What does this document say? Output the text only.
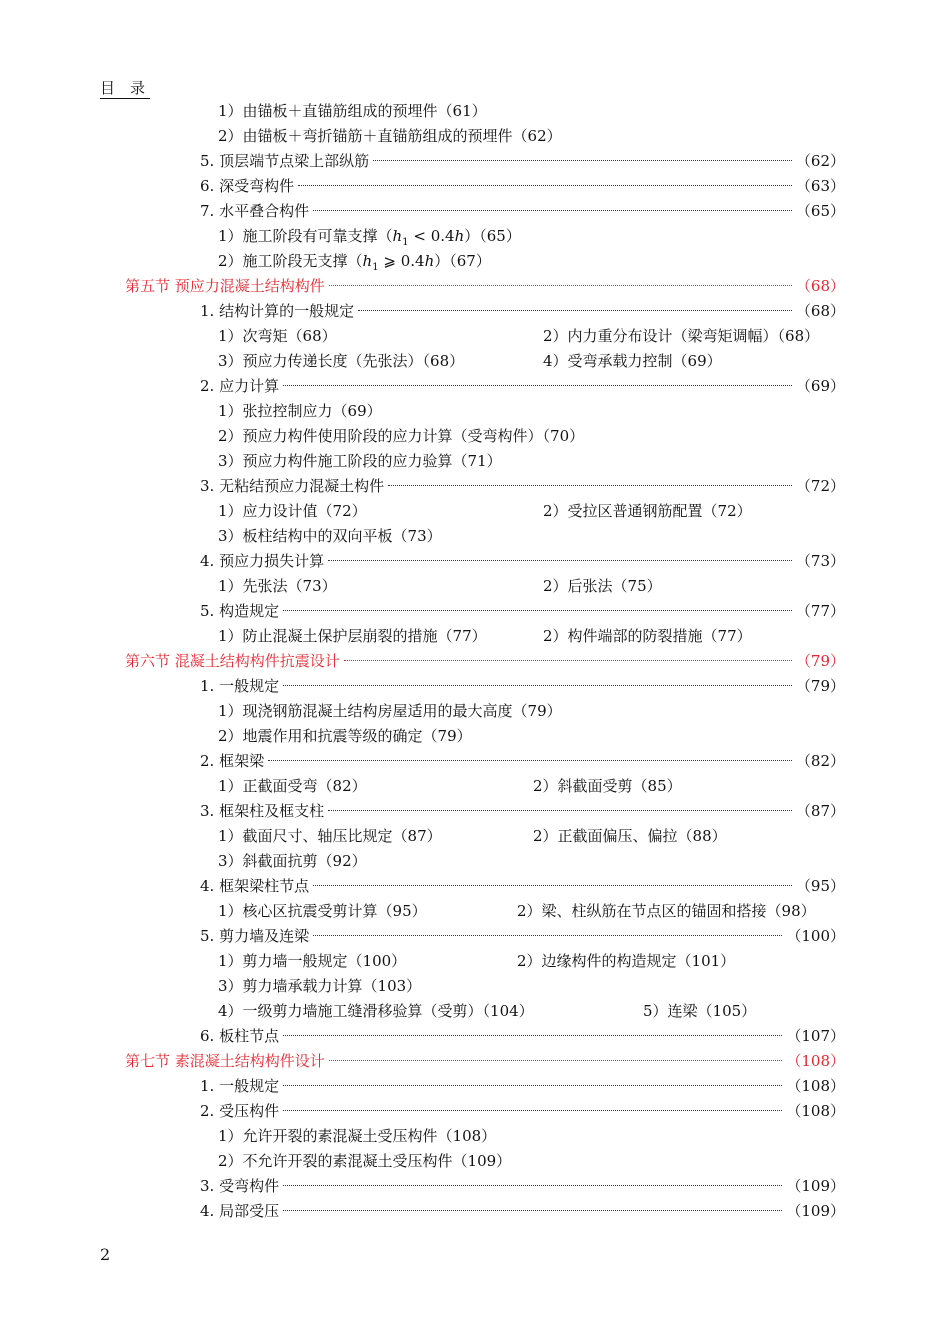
目　录
1）由锚板＋直锚筋组成的预埋件（61）
2）由锚板＋弯折锚筋＋直锚筋组成的预埋件（62）
5. 顶层端节点梁上部纵筋	（62）
6. 深受弯构件	（63）
7. 水平叠合构件	（65）
1）施工阶段有可靠支撑$(h_1 < 0.4h)(65)$
2）施工阶段无支撑（$h_1$ ⩾ 0.4h）（67）
第五节 预应力混凝土结构构件	（68）
1. 结构计算的一般规定	（68）
1）次弯矩（68）	2）内力重分布设计（梁弯矩调幅）（68）
3）预应力传递长度（先张法）（68）	4）受弯承载力控制（69）
2. 应力计算	（69）
1）张拉控制应力（69）
2）预应力构件使用阶段的应力计算（受弯构件）（70）
3）预应力构件施工阶段的应力验算（71）
3. 无粘结预应力混凝土构件	（72）
1）应力设计值（72）	2）受拉区普通钢筋配置（72）
3）板柱结构中的双向平板（73）
4. 预应力损失计算	（73）
1）先张法（73）	2）后张法（75）
5. 构造规定	（77）
1）防止混凝土保护层崩裂的措施（77）	2）构件端部的防裂措施（77）
第六节 混凝土结构构件抗震设计	（79）
1. 一般规定	（79）
1）现浇钢筋混凝土结构房屋适用的最大高度（79）
2）地震作用和抗震等级的确定（79）
2. 框架梁	（82）
1）正截面受弯（82）	2）斜截面受剪（85）
3. 框架柱及框支柱	（87）
1）截面尺寸、轴压比规定（87）	2）正截面偏压、偏拉（88）
3）斜截面抗剪（92）
4. 框架梁柱节点	（95）
1）核心区抗震受剪计算（95）	2）梁、柱纵筋在节点区的锚固和搭接（98）
5. 剪力墙及连梁	（100）
1）剪力墙一般规定（100）	2）边缘构件的构造规定（101）
3）剪力墙承载力计算（103）
4）一级剪力墙施工缝滑移验算（受剪）（104）	5）连梁（105）
6. 板柱节点	（107）
第七节 素混凝土结构构件设计	（108）
1. 一般规定	（108）
2. 受压构件	（108）
1）允许开裂的素混凝土受压构件（108）
2）不允许开裂的素混凝土受压构件（109）
3. 受弯构件	（109）
4. 局部受压	（109）
2
